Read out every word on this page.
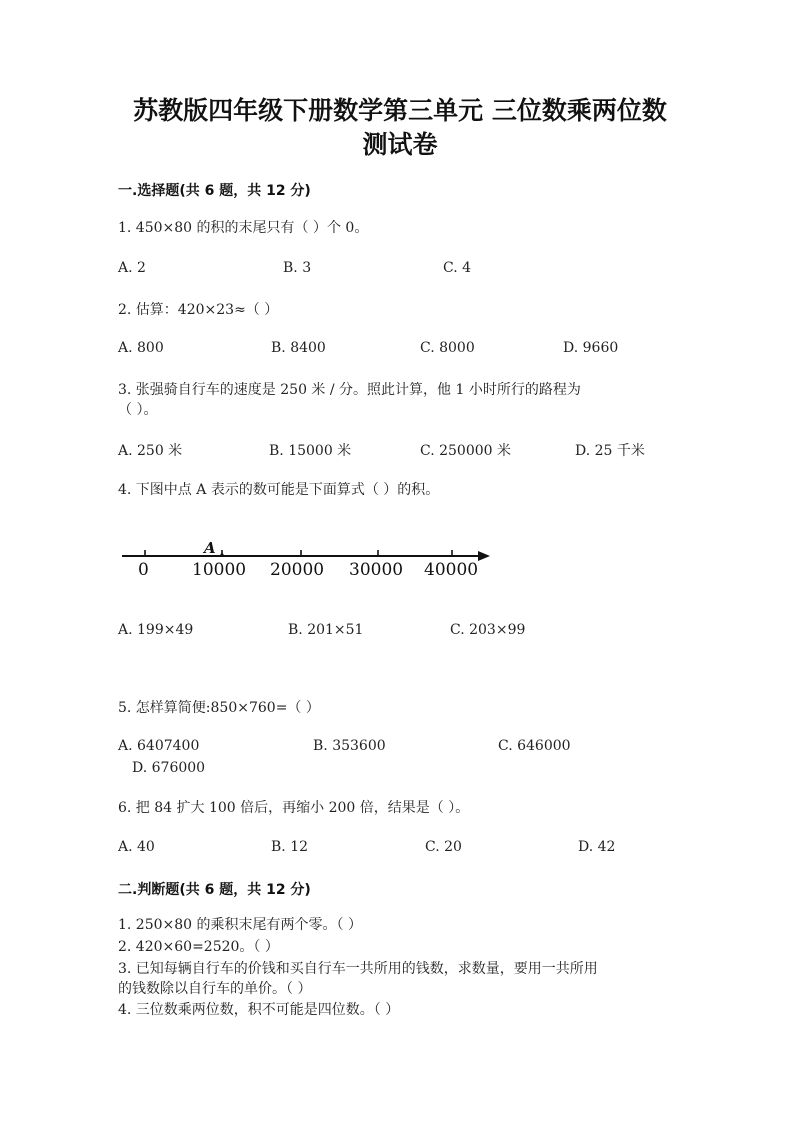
苏教版四年级下册数学第三单元 三位数乘两位数
测试卷
一.选择题(共 6 题，共 12 分)
1. 450×80 的积的末尾只有（ ）个 0。
A. 2	B. 3	C. 4
2. 估算：420×23≈（ ）
A. 800	B. 8400	C. 8000	D. 9660
3. 张强骑自行车的速度是 250 米 / 分。照此计算，他 1 小时所行的路程为
（ ）。
A. 250 米	B. 15000 米	C. 250000 米	D. 25 千米
4. 下图中点 A 表示的数可能是下面算式（ ）的积。
A
0	10000 20000 30000 40000
A. 199×49	B. 201×51	C. 203×99
5. 怎样算简便:850×760=（ ）
A. 6407400	B. 353600	C. 646000
D. 676000
6. 把 84 扩大 100 倍后，再缩小 200 倍，结果是（ ）。
A. 40	B. 12	C. 20	D. 42
二.判断题(共 6 题，共 12 分)
1. 250×80 的乘积末尾有两个零。（ ）
2. 420×60=2520。（ ）
3. 已知每辆自行车的价钱和买自行车一共所用的钱数，求数量，要用一共所用
的钱数除以自行车的单价。（ ）
4. 三位数乘两位数，积不可能是四位数。（ ）
